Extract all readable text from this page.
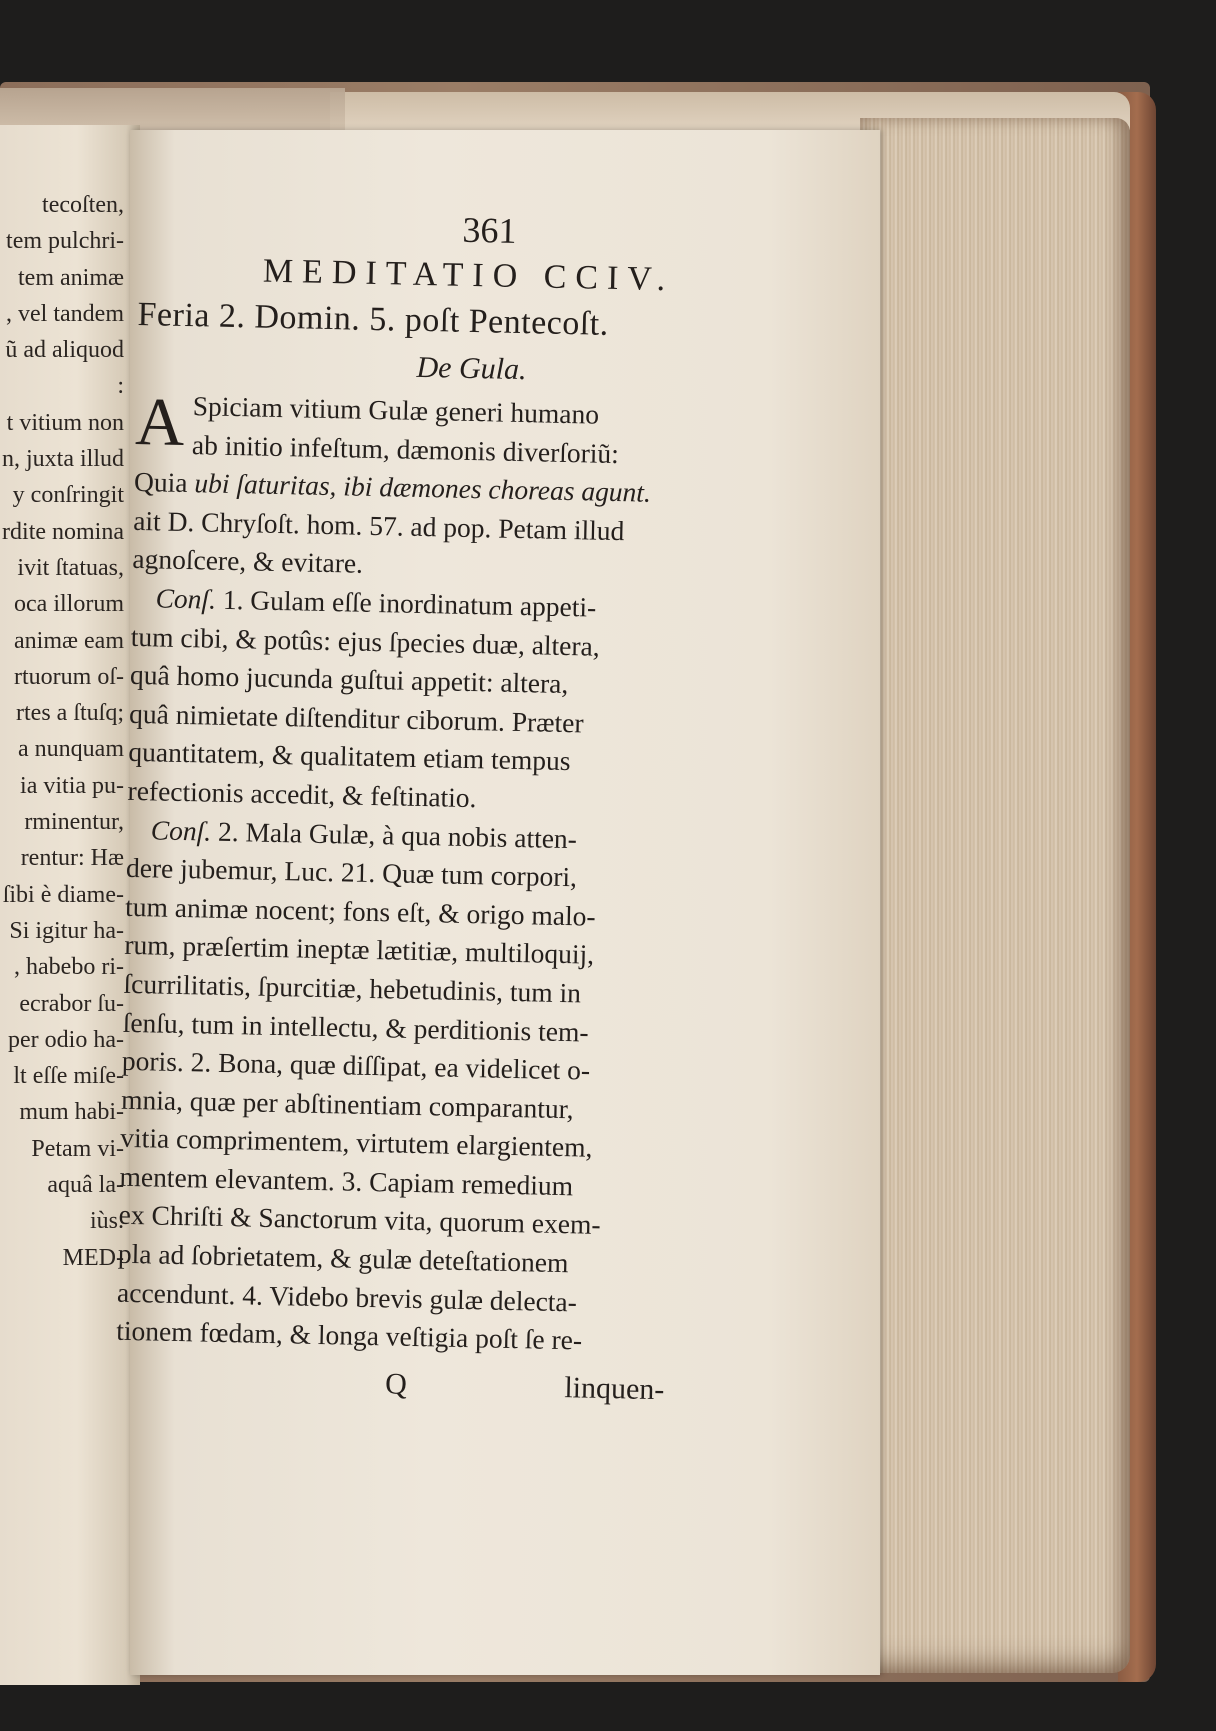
tecoſten,
tem pulchri-
tem animæ
, vel tandem
ũ ad aliquod
:
t vitium non
n, juxta illud
y conſringit
rdite nomina
ivit ſtatuas,
oca illorum
animæ eam
rtuorum oſ-
rtes a ſtuſq;
a nunquam
ia vitia pu-
rminentur,
rentur: Hæ
ſibi è diame-
Si igitur ha-
, habebo ri-
ecrabor ſu-
per odio ha-
lt eſſe miſe-
mum habi-
Petam vi-
aquâ la-
iùs.
MED-
361
MEDITATIO CCIV.
Feria 2. Domin. 5. poſt Pentecoſt.
De Gula.
A Spiciam vitium Gulæ generi humano
ab initio infeſtum, dæmonis diverſoriũ:
Quia ubi ſaturitas, ibi dæmones choreas agunt.
ait D. Chryſoſt. hom. 57. ad pop. Petam illud
agnoſcere, & evitare.
Conſ. 1. Gulam eſſe inordinatum appeti-
tum cibi, & potûs: ejus ſpecies duæ, altera,
quâ homo jucunda guſtui appetit: altera,
quâ nimietate diſtenditur ciborum. Præter
quantitatem, & qualitatem etiam tempus
refectionis accedit, & feſtinatio.
Conſ. 2. Mala Gulæ, à qua nobis atten-
dere jubemur, Luc. 21. Quæ tum corpori,
tum animæ nocent; fons eſt, & origo malo-
rum, præſertim ineptæ lætitiæ, multiloquij,
ſcurrilitatis, ſpurcitiæ, hebetudinis, tum in
ſenſu, tum in intellectu, & perditionis tem-
poris. 2. Bona, quæ diſſipat, ea videlicet o-
mnia, quæ per abſtinentiam comparantur,
vitia comprimentem, virtutem elargientem,
mentem elevantem. 3. Capiam remedium
ex Chriſti & Sanctorum vita, quorum exem-
pla ad ſobrietatem, & gulæ deteſtationem
accendunt. 4. Videbo brevis gulæ delecta-
tionem fœdam, & longa veſtigia poſt ſe re-
Q	linquen-
